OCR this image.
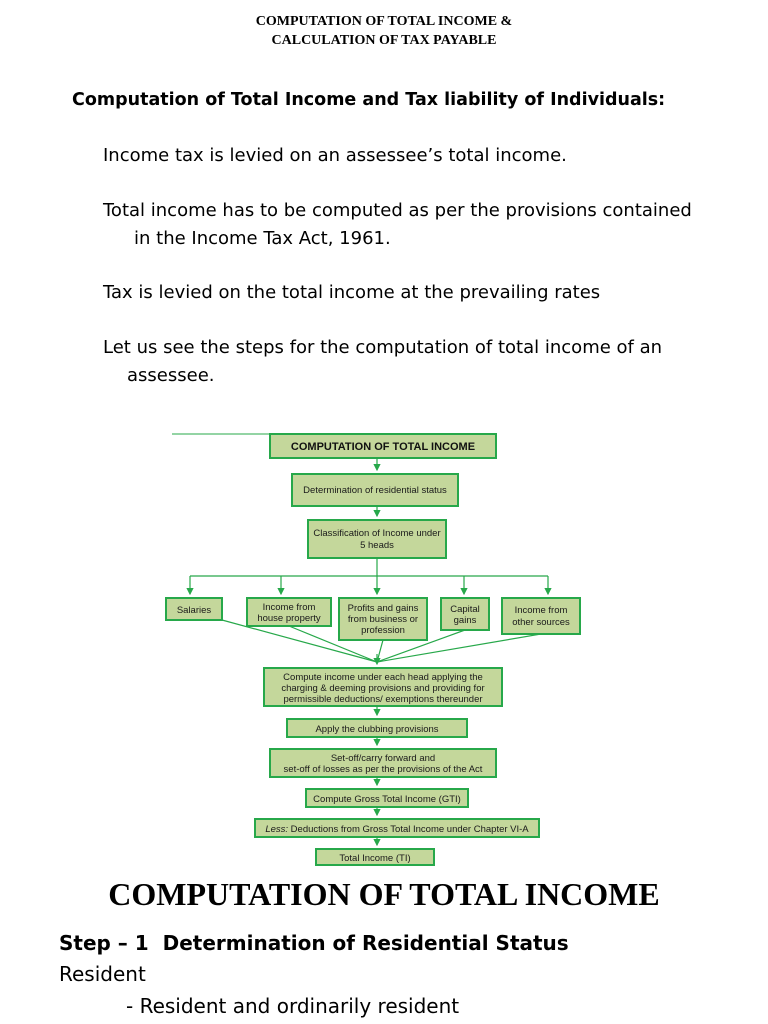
COMPUTATION OF TOTAL INCOME &
CALCULATION OF TAX PAYABLE
Computation of Total Income and Tax liability of Individuals:
Income tax is levied on an assessee’s total income.
Total income has to be computed as per the provisions contained
in the Income Tax Act, 1961.
Tax is levied on the total income at the prevailing rates
Let us see the steps for the computation of total income of an
assessee.
COMPUTATION OF TOTAL INCOME
Determination of residential status
Classification of Income under
5 heads
Salaries	Income from
house property
Profits and gains
from business or
profession
Capital
gains
Income from
other sources
Compute income under each head applying the
charging & deeming provisions and providing for
permissible deductions/ exemptions thereunder
Apply the clubbing provisions
Set-off/carry forward and
set-off of losses as per the provisions of the Act
Compute Gross Total Income (GTI)
Less: Deductions from Gross Total Income under Chapter VI-A
Total Income (TI)
COMPUTATION OF TOTAL INCOME
Step – 1  Determination of Residential Status
Resident
- Resident and ordinarily resident
